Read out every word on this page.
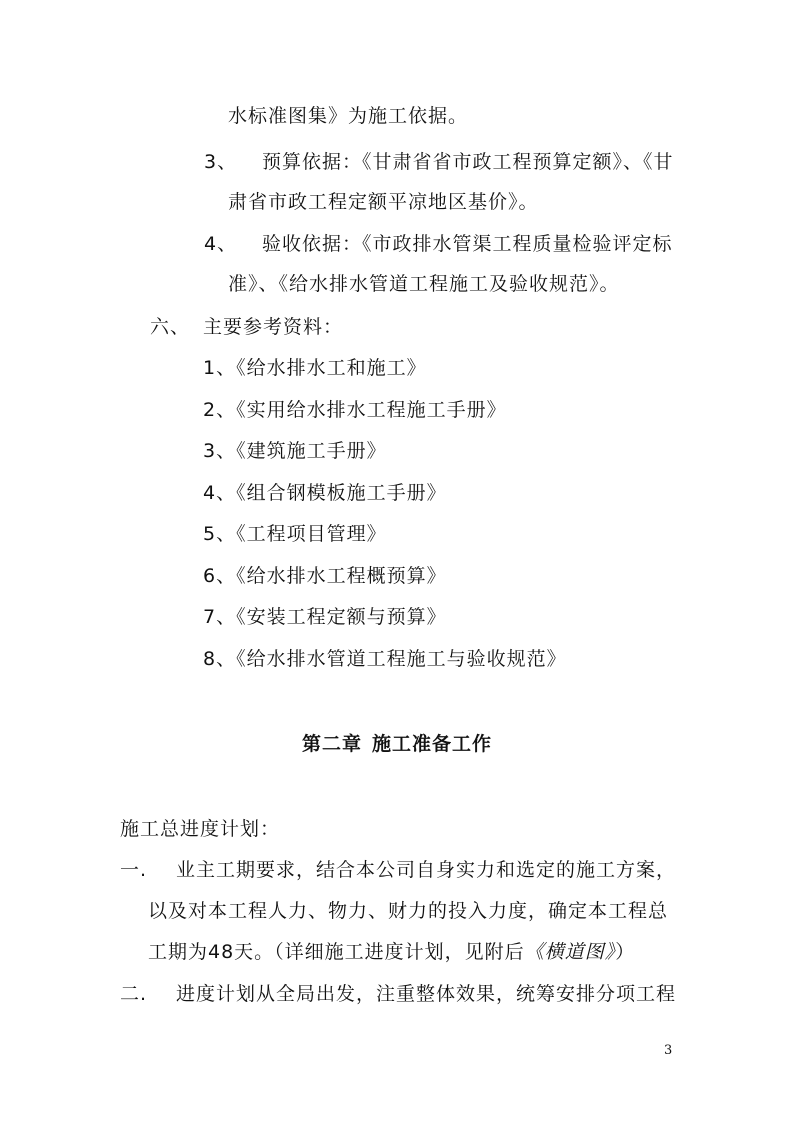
水标准图集》为施工依据。
3、 预算依据：《甘肃省省市政工程预算定额》、《甘
肃省市政工程定额平凉地区基价》。
4、 验收依据：《市政排水管渠工程质量检验评定标
准》、《给水排水管道工程施工及验收规范》。
六、 主要参考资料：
1、《给水排水工和施工》
2、《实用给水排水工程施工手册》
3、《建筑施工手册》
4、《组合钢模板施工手册》
5、《工程项目管理》
6、《给水排水工程概预算》
7、《安装工程定额与预算》
8、《给水排水管道工程施工与验收规范》
第二章 施工准备工作
施工总进度计划：
一. 业主工期要求，结合本公司自身实力和选定的施工方案，
以及对本工程人力、物力、财力的投入力度，确定本工程总
工期为48天。（详细施工进度计划，见附后《横道图》）
二. 进度计划从全局出发，注重整体效果，统筹安排分项工程
3
